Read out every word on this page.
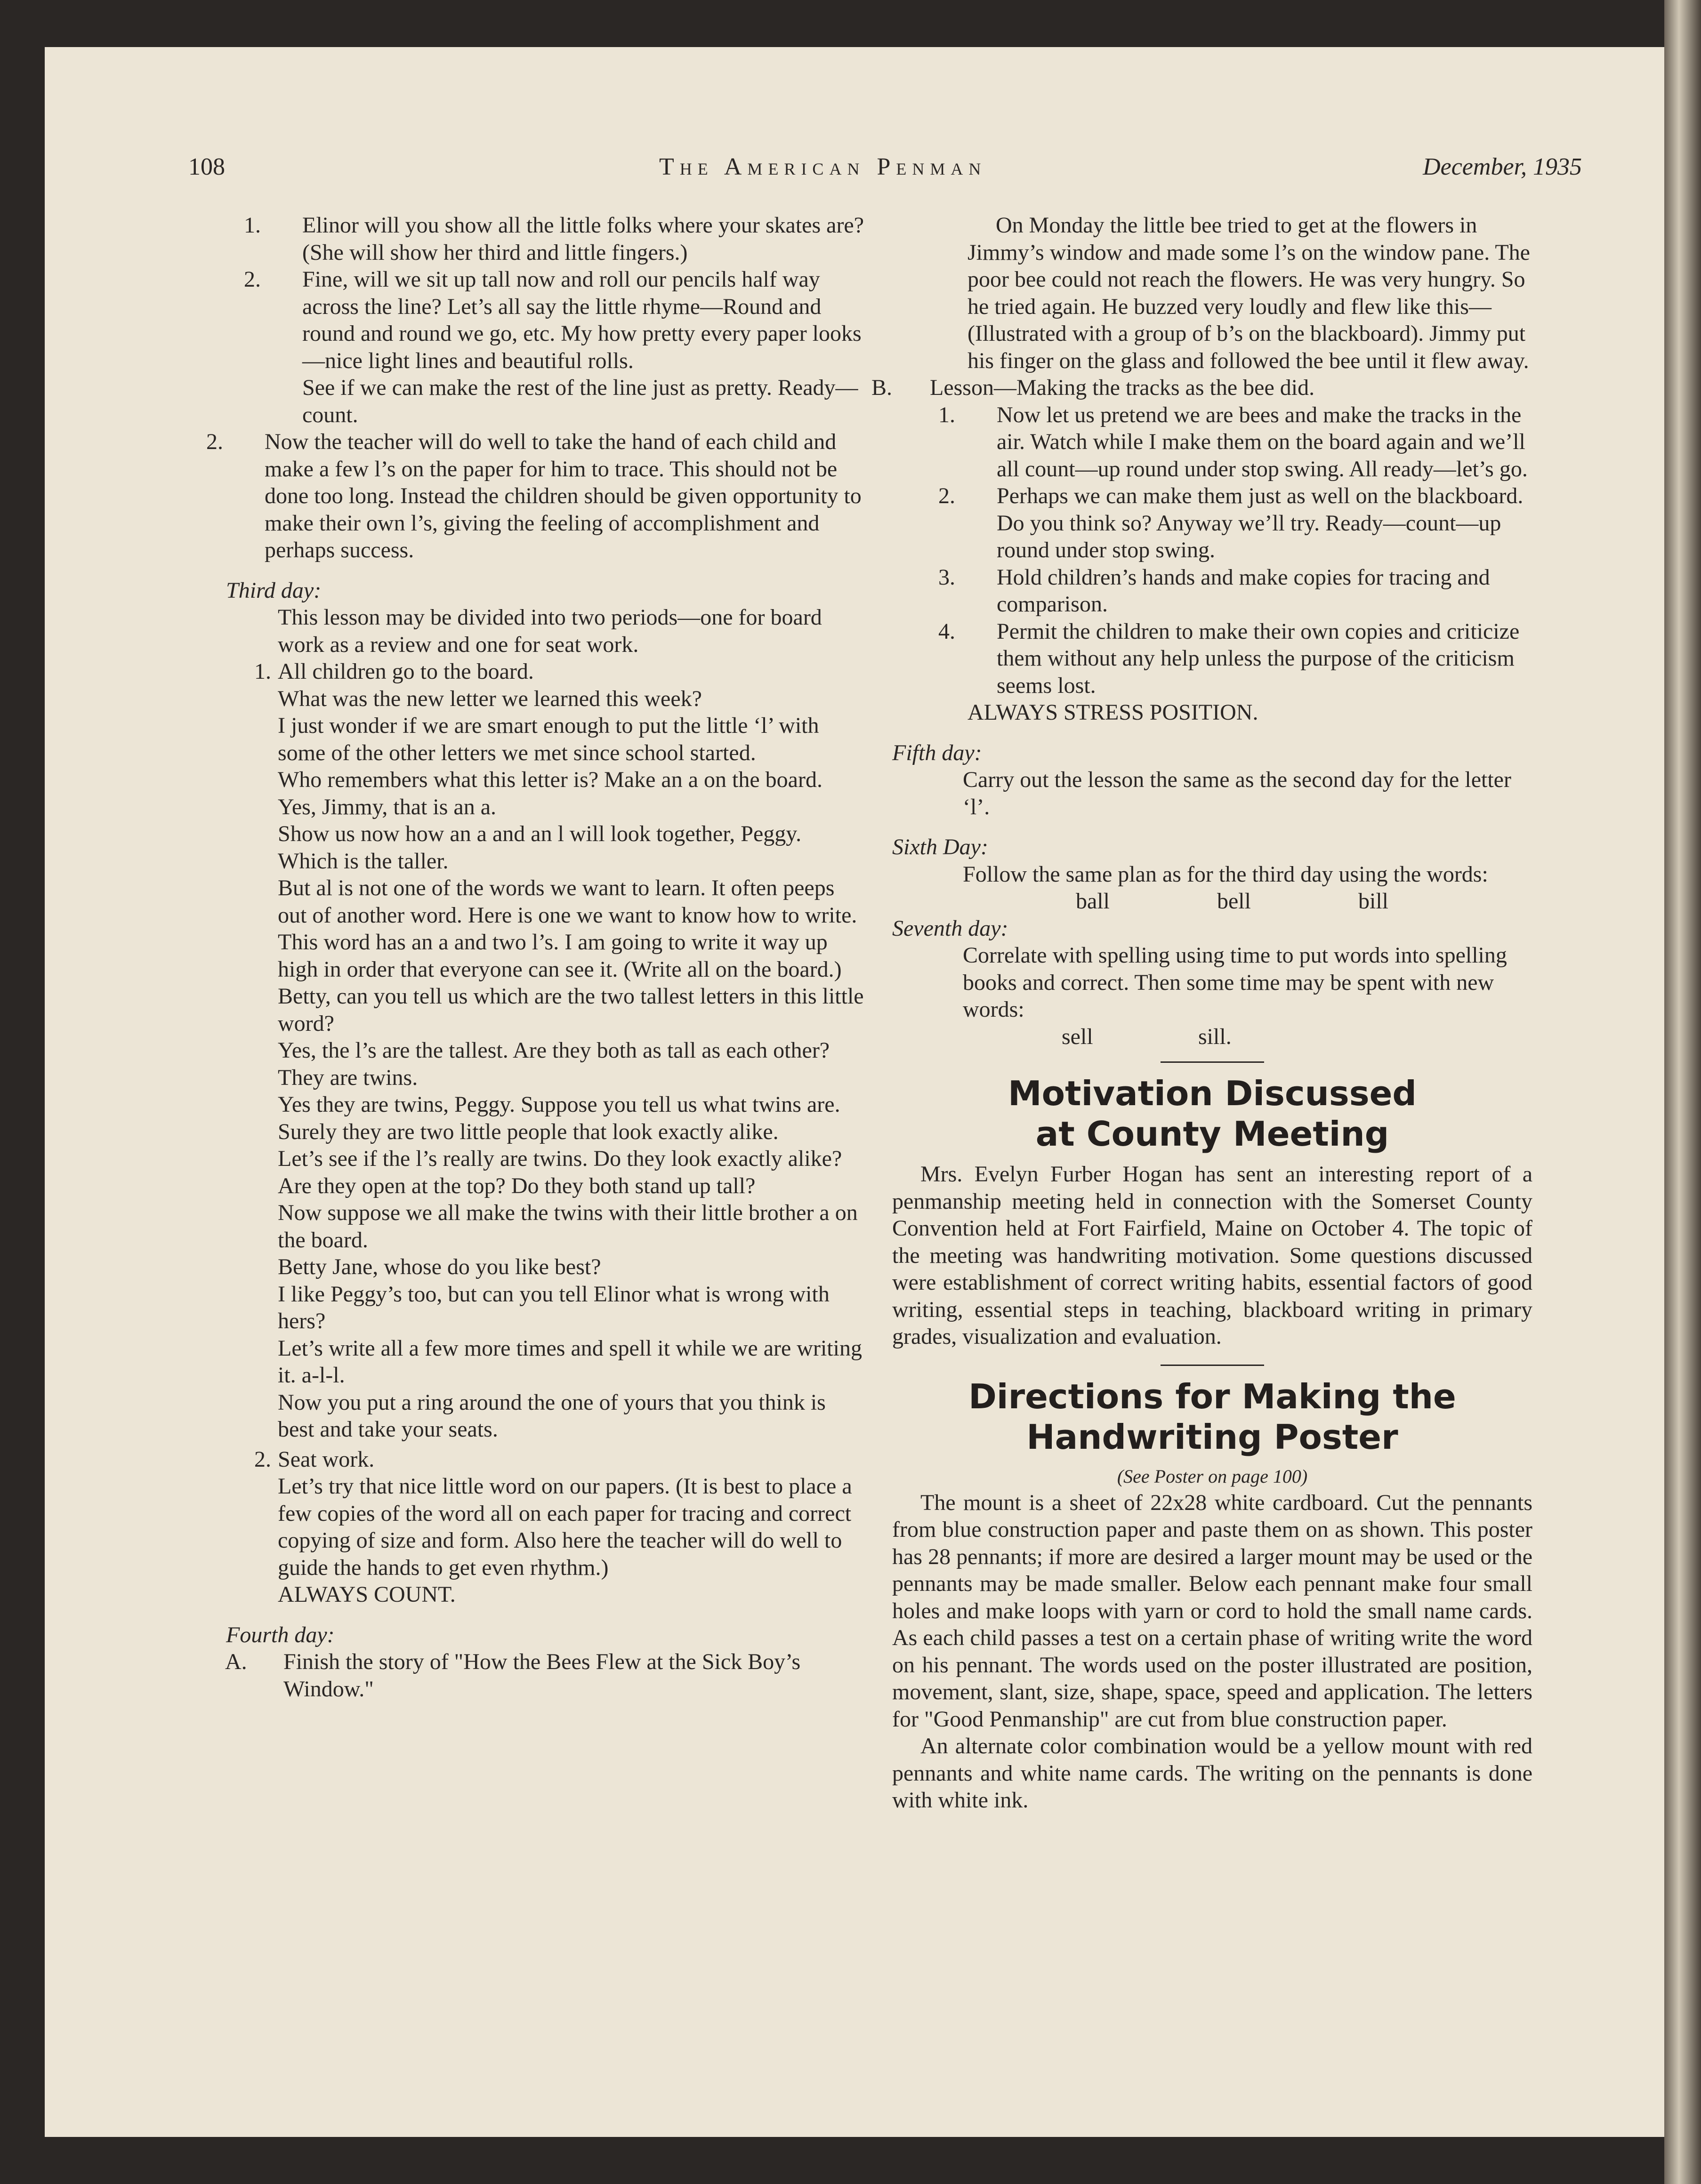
108	The American Penman	December, 1935

1. Elinor will you show all the little folks where your skates are? (She will show her third and little fingers.)

2. Fine, will we sit up tall now and roll our pencils half way across the line? Let’s all say the little rhyme—Round and round and round we go, etc. My how pretty every paper looks —nice light lines and beautiful rolls.

See if we can make the rest of the line just as pretty. Ready—count.

2. Now the teacher will do well to take the hand of each child and make a few l’s on the paper for him to trace. This should not be done too long. Instead the children should be given opportunity to make their own l’s, giving the feeling of accomplishment and perhaps success.

Third day:

This lesson may be divided into two periods—one for board work as a review and one for seat work.

1. All children go to the board.

What was the new letter we learned this week?

I just wonder if we are smart enough to put the little ‘l’ with some of the other letters we met since school started.

Who remembers what this letter is? Make an a on the board.

Yes, Jimmy, that is an a.

Show us now how an a and an l will look together, Peggy. Which is the taller.

But al is not one of the words we want to learn. It often peeps out of another word. Here is one we want to know how to write. This word has an a and two l’s. I am going to write it way up high in order that everyone can see it. (Write all on the board.)

Betty, can you tell us which are the two tallest letters in this little word?

Yes, the l’s are the tallest. Are they both as tall as each other?

They are twins.

Yes they are twins, Peggy. Suppose you tell us what twins are.

Surely they are two little people that look exactly alike.

Let’s see if the l’s really are twins. Do they look exactly alike? Are they open at the top? Do they both stand up tall?

Now suppose we all make the twins with their little brother a on the board.

Betty Jane, whose do you like best?

I like Peggy’s too, but can you tell Elinor what is wrong with hers?

Let’s write all a few more times and spell it while we are writing it. a-l-l.

Now you put a ring around the one of yours that you think is best and take your seats.

2. Seat work.

Let’s try that nice little word on our papers. (It is best to place a few copies of the word all on each paper for tracing and correct copying of size and form. Also here the teacher will do well to guide the hands to get even rhythm.)

ALWAYS COUNT.

Fourth day:

A. Finish the story of "How the Bees Flew at the Sick Boy’s Window."

On Monday the little bee tried to get at the flowers in Jimmy’s window and made some l’s on the window pane. The poor bee could not reach the flowers. He was very hungry. So he tried again. He buzzed very loudly and flew like this—(Illustrated with a group of b’s on the blackboard). Jimmy put his finger on the glass and followed the bee until it flew away.

B. Lesson—Making the tracks as the bee did.

1. Now let us pretend we are bees and make the tracks in the air. Watch while I make them on the board again and we’ll all count—up round under stop swing. All ready—let’s go.

2. Perhaps we can make them just as well on the blackboard. Do you think so? Anyway we’ll try. Ready—count—up round under stop swing.

3. Hold children’s hands and make copies for tracing and comparison.

4. Permit the children to make their own copies and criticize them without any help unless the purpose of the criticism seems lost.

ALWAYS STRESS POSITION.

Fifth day:

Carry out the lesson the same as the second day for the letter ‘l’.

Sixth Day:

Follow the same plan as for the third day using the words:

ball	bell	bill

Seventh day:

Correlate with spelling using time to put words into spelling books and correct. Then some time may be spent with new words:

sell	sill.

Motivation Discussed
at County Meeting

Mrs. Evelyn Furber Hogan has sent an interesting report of a penmanship meeting held in connection with the Somerset County Convention held at Fort Fairfield, Maine on October 4. The topic of the meeting was handwriting motivation. Some questions discussed were establishment of correct writing habits, essential factors of good writing, essential steps in teaching, blackboard writing in primary grades, visualization and evaluation.

Directions for Making the
Handwriting Poster

(See Poster on page 100)

The mount is a sheet of 22x28 white cardboard. Cut the pennants from blue construction paper and paste them on as shown. This poster has 28 pennants; if more are desired a larger mount may be used or the pennants may be made smaller. Below each pennant make four small holes and make loops with yarn or cord to hold the small name cards. As each child passes a test on a certain phase of writing write the word on his pennant. The words used on the poster illustrated are position, movement, slant, size, shape, space, speed and application. The letters for "Good Penmanship" are cut from blue construction paper.

An alternate color combination would be a yellow mount with red pennants and white name cards. The writing on the pennants is done with white ink.
